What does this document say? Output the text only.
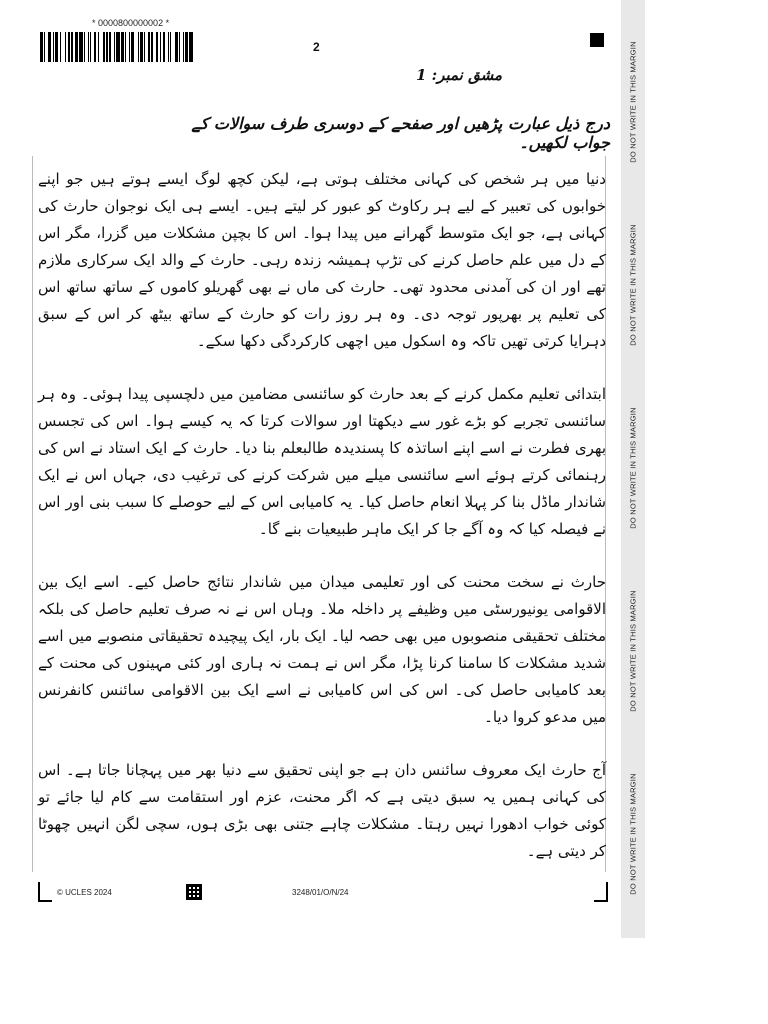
* 0000800000002 *
2	DO NOT WRITE IN THIS MARGIN
DO NOT WRITE IN THIS MARGIN
DO NOT WRITE IN THIS MARGIN
DO NOT WRITE IN THIS MARGIN
DO NOT WRITE IN THIS MARGIN
مشق نمبر: 1
درج ذیل عبارت پڑھیں اور صفحے کے دوسری طرف سوالات کے جواب لکھیں۔

دنیا میں ہر شخص کی کہانی مختلف ہوتی ہے، لیکن کچھ لوگ ایسے ہوتے ہیں جو اپنے خوابوں کی تعبیر کے لیے ہر رکاوٹ کو عبور کر لیتے ہیں۔ ایسے ہی ایک نوجوان حارث کی کہانی ہے، جو ایک متوسط گھرانے میں پیدا ہوا۔ اس کا بچپن مشکلات میں گزرا، مگر اس کے دل میں علم حاصل کرنے کی تڑپ ہمیشہ زندہ رہی۔ حارث کے والد ایک سرکاری ملازم تھے اور ان کی آمدنی محدود تھی۔ حارث کی ماں نے بھی گھریلو کاموں کے ساتھ ساتھ اس کی تعلیم پر بھرپور توجہ دی۔ وہ ہر روز رات کو حارث کے ساتھ بیٹھ کر اس کے سبق دہرایا کرتی تھیں تاکہ وہ اسکول میں اچھی کارکردگی دکھا سکے۔

ابتدائی تعلیم مکمل کرنے کے بعد حارث کو سائنسی مضامین میں دلچسپی پیدا ہوئی۔ وہ ہر سائنسی تجربے کو بڑے غور سے دیکھتا اور سوالات کرتا کہ یہ کیسے ہوا۔ اس کی تجسس بھری فطرت نے اسے اپنے اساتذہ کا پسندیدہ طالبعلم بنا دیا۔ حارث کے ایک استاد نے اس کی رہنمائی کرتے ہوئے اسے سائنسی میلے میں شرکت کرنے کی ترغیب دی، جہاں اس نے ایک شاندار ماڈل بنا کر پہلا انعام حاصل کیا۔ یہ کامیابی اس کے لیے حوصلے کا سبب بنی اور اس نے فیصلہ کیا کہ وہ آگے جا کر ایک ماہر طبیعیات بنے گا۔

حارث نے سخت محنت کی اور تعلیمی میدان میں شاندار نتائج حاصل کیے۔ اسے ایک بین الاقوامی یونیورسٹی میں وظیفے پر داخلہ ملا۔ وہاں اس نے نہ صرف تعلیم حاصل کی بلکہ مختلف تحقیقی منصوبوں میں بھی حصہ لیا۔ ایک بار، ایک پیچیدہ تحقیقاتی منصوبے میں اسے شدید مشکلات کا سامنا کرنا پڑا، مگر اس نے ہمت نہ ہاری اور کئی مہینوں کی محنت کے بعد کامیابی حاصل کی۔ اس کی اس کامیابی نے اسے ایک بین الاقوامی سائنس کانفرنس میں مدعو کروا دیا۔

آج حارث ایک معروف سائنس دان ہے جو اپنی تحقیق سے دنیا بھر میں پہچانا جاتا ہے۔ اس کی کہانی ہمیں یہ سبق دیتی ہے کہ اگر محنت، عزم اور استقامت سے کام لیا جائے تو کوئی خواب ادھورا نہیں رہتا۔ مشکلات چاہے جتنی بھی بڑی ہوں، سچی لگن انہیں چھوٹا کر دیتی ہے۔

© UCLES 2024	3248/01/O/N/24
